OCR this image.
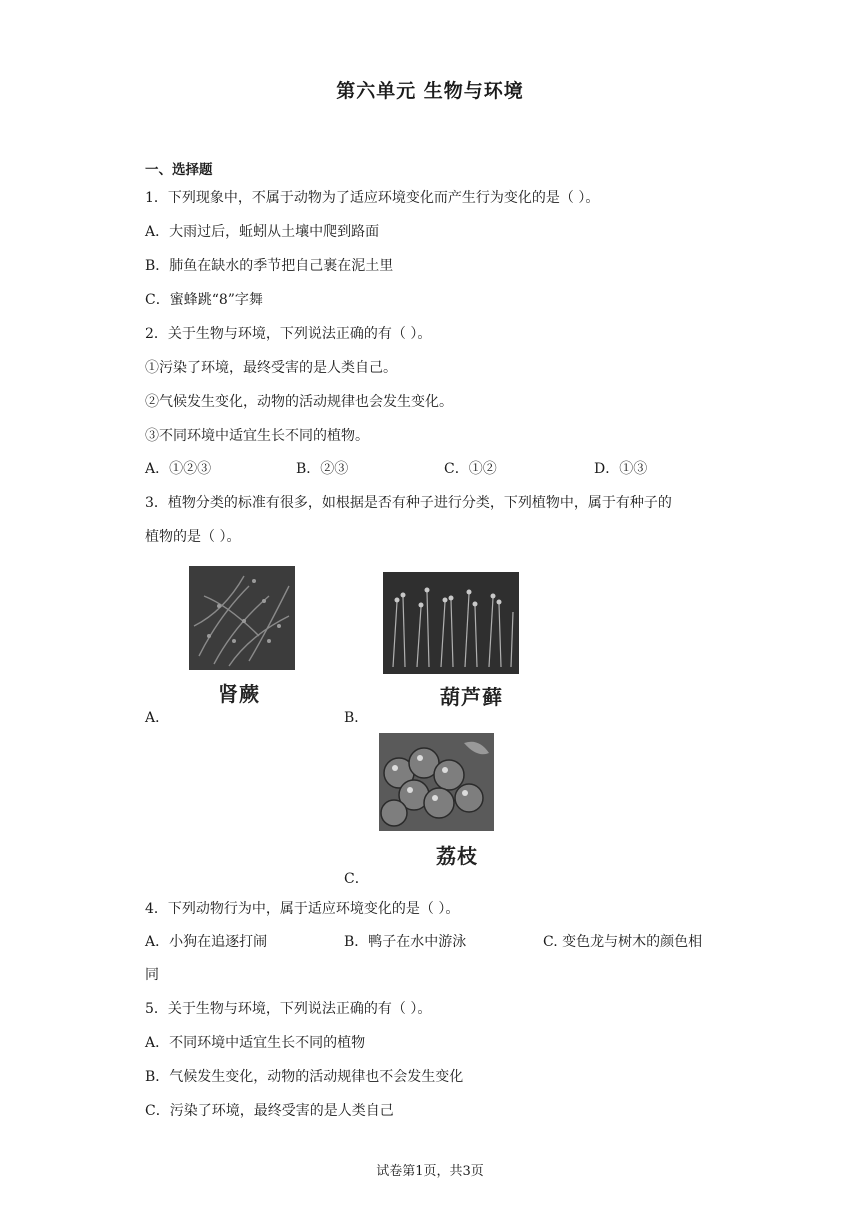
第六单元 生物与环境
一、选择题
1．下列现象中，不属于动物为了适应环境变化而产生行为变化的是（ ）。
A．大雨过后，蚯蚓从土壤中爬到路面
B．肺鱼在缺水的季节把自己裹在泥土里
C．蜜蜂跳“8”字舞
2．关于生物与环境，下列说法正确的有（ ）。
①污染了环境，最终受害的是人类自己。
②气候发生变化，动物的活动规律也会发生变化。
③不同环境中适宜生长不同的植物。
A．①②③	B．②③	C．①②	D．①③
3．植物分类的标准有很多，如根据是否有种子进行分类，下列植物中，属于有种子的
植物的是（ ）。
肾蕨
A．
葫芦藓
B．
荔枝
C．
4．下列动物行为中，属于适应环境变化的是（ ）。
A．小狗在追逐打闹	B．鸭子在水中游泳	C. 变色龙与树木的颜色相
同
5．关于生物与环境，下列说法正确的有（ ）。
A．不同环境中适宜生长不同的植物
B．气候发生变化，动物的活动规律也不会发生变化
C．污染了环境，最终受害的是人类自己
试卷第1页，共3页
